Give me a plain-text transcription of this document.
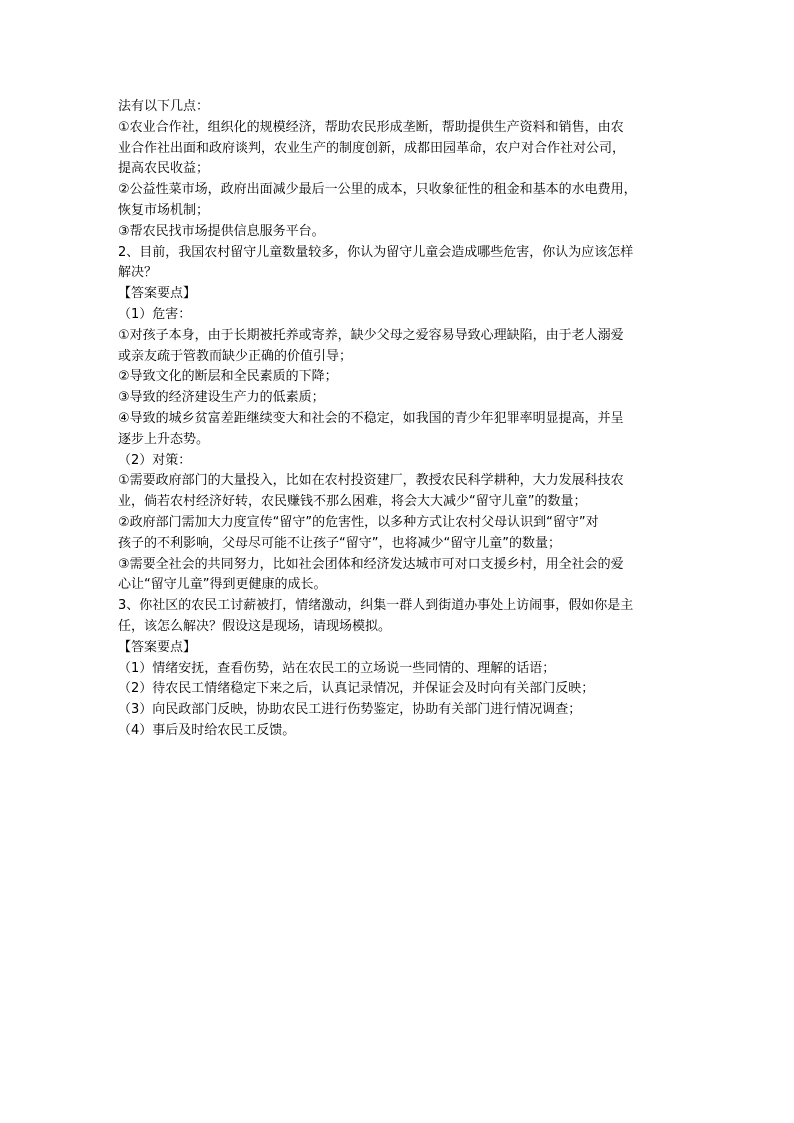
法有以下几点：
①农业合作社，组织化的规模经济，帮助农民形成垄断，帮助提供生产资料和销售，由农
业合作社出面和政府谈判，农业生产的制度创新，成都田园革命，农户对合作社对公司，
提高农民收益；
②公益性菜市场，政府出面减少最后一公里的成本，只收象征性的租金和基本的水电费用，
恢复市场机制；
③帮农民找市场提供信息服务平台。
2、目前，我国农村留守儿童数量较多，你认为留守儿童会造成哪些危害，你认为应该怎样
解决？
【答案要点】
（1）危害：
①对孩子本身，由于长期被托养或寄养，缺少父母之爱容易导致心理缺陷，由于老人溺爱
或亲友疏于管教而缺少正确的价值引导；
②导致文化的断层和全民素质的下降；
③导致的经济建设生产力的低素质；
④导致的城乡贫富差距继续变大和社会的不稳定，如我国的青少年犯罪率明显提高，并呈
逐步上升态势。
（2）对策：
①需要政府部门的大量投入，比如在农村投资建厂，教授农民科学耕种，大力发展科技农
业，倘若农村经济好转，农民赚钱不那么困难，将会大大减少“留守儿童”的数量；
②政府部门需加大力度宣传“留守”的危害性，以多种方式让农村父母认识到“留守”对
孩子的不利影响，父母尽可能不让孩子“留守”，也将减少“留守儿童”的数量；
③需要全社会的共同努力，比如社会团体和经济发达城市可对口支援乡村，用全社会的爱
心让“留守儿童”得到更健康的成长。
3、你社区的农民工讨薪被打，情绪激动，纠集一群人到街道办事处上访闹事，假如你是主
任，该怎么解决？假设这是现场，请现场模拟。
【答案要点】
（1）情绪安抚，查看伤势，站在农民工的立场说一些同情的、理解的话语；
（2）待农民工情绪稳定下来之后，认真记录情况，并保证会及时向有关部门反映；
（3）向民政部门反映，协助农民工进行伤势鉴定，协助有关部门进行情况调查；
（4）事后及时给农民工反馈。
